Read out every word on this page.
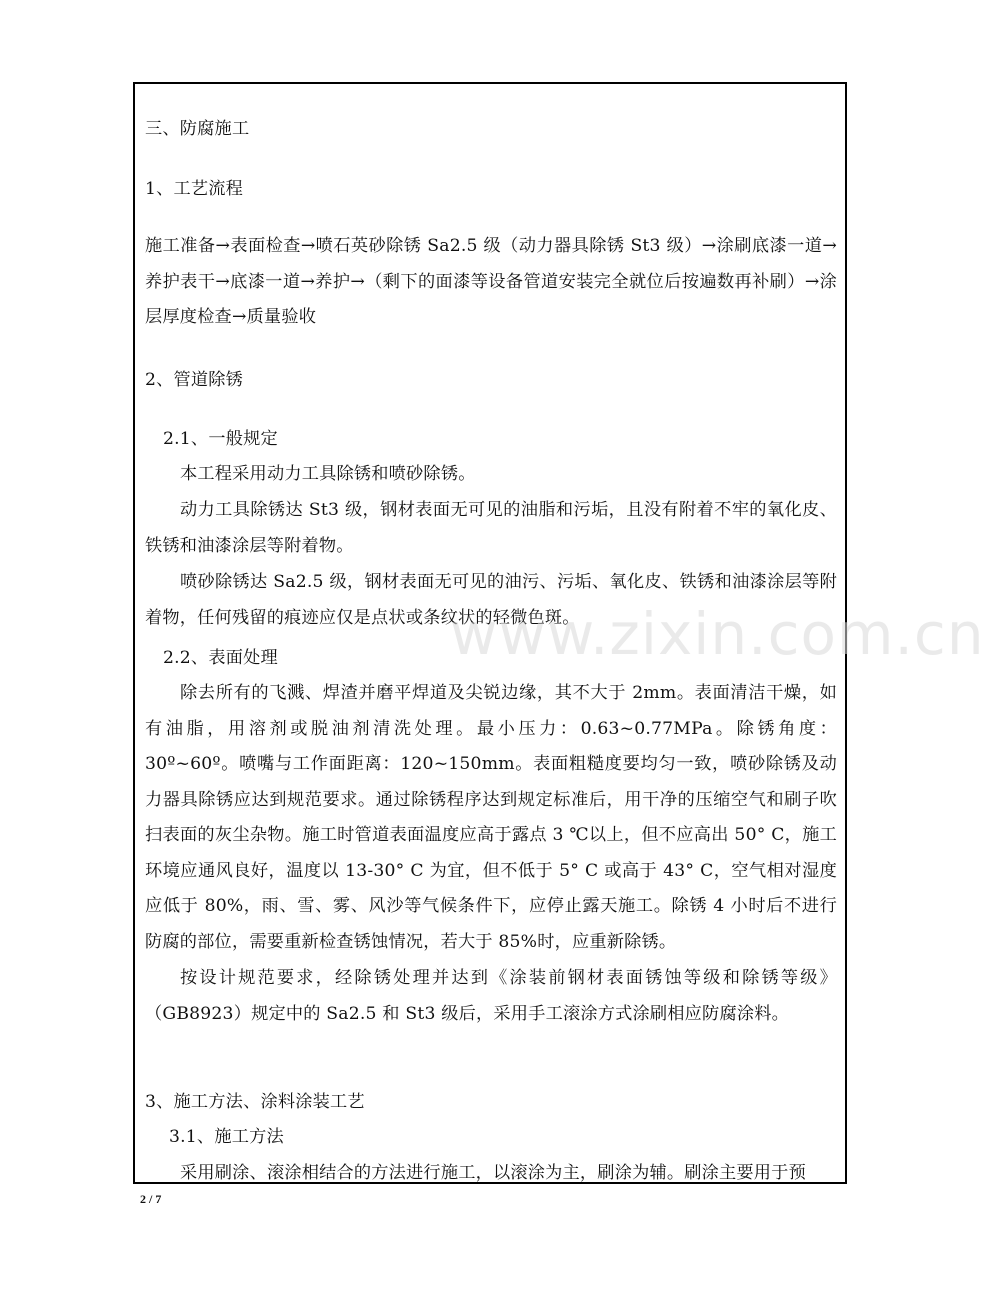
三、防腐施工

1、工艺流程

施工准备→表面检查→喷石英砂除锈 Sa2.5 级（动力器具除锈 St3 级）→涂刷底漆一道→养护表干→底漆一道→养护→（剩下的面漆等设备管道安装完全就位后按遍数再补刷）→涂层厚度检查→质量验收

2、管道除锈

2.1、一般规定

本工程采用动力工具除锈和喷砂除锈。

动力工具除锈达 St3 级，钢材表面无可见的油脂和污垢，且没有附着不牢的氧化皮、铁锈和油漆涂层等附着物。

喷砂除锈达 Sa2.5 级，钢材表面无可见的油污、污垢、氧化皮、铁锈和油漆涂层等附着物，任何残留的痕迹应仅是点状或条纹状的轻微色斑。

2.2、表面处理

除去所有的飞溅、焊渣并磨平焊道及尖锐边缘，其不大于 2mm。表面清洁干燥，如有油脂，用溶剂或脱油剂清洗处理。最小压力：0.63~0.77MPa。除锈角度：30º~60º。喷嘴与工作面距离：120~150mm。表面粗糙度要均匀一致，喷砂除锈及动力器具除锈应达到规范要求。通过除锈程序达到规定标准后，用干净的压缩空气和刷子吹扫表面的灰尘杂物。施工时管道表面温度应高于露点 3 ℃以上，但不应高出 50° C，施工环境应通风良好，温度以 13-30° C 为宜，但不低于 5° C 或高于 43° C，空气相对湿度应低于 80%，雨、雪、雾、风沙等气候条件下，应停止露天施工。除锈 4 小时后不进行防腐的部位，需要重新检查锈蚀情况，若大于 85%时，应重新除锈。

按设计规范要求，经除锈处理并达到《涂装前钢材表面锈蚀等级和除锈等级》（GB8923）规定中的 Sa2.5 和 St3 级后，采用手工滚涂方式涂刷相应防腐涂料。

3、施工方法、涂料涂装工艺

3.1、施工方法

采用刷涂、滚涂相结合的方法进行施工，以滚涂为主，刷涂为辅。刷涂主要用于预

www.zixin.com.cn
2 / 7
